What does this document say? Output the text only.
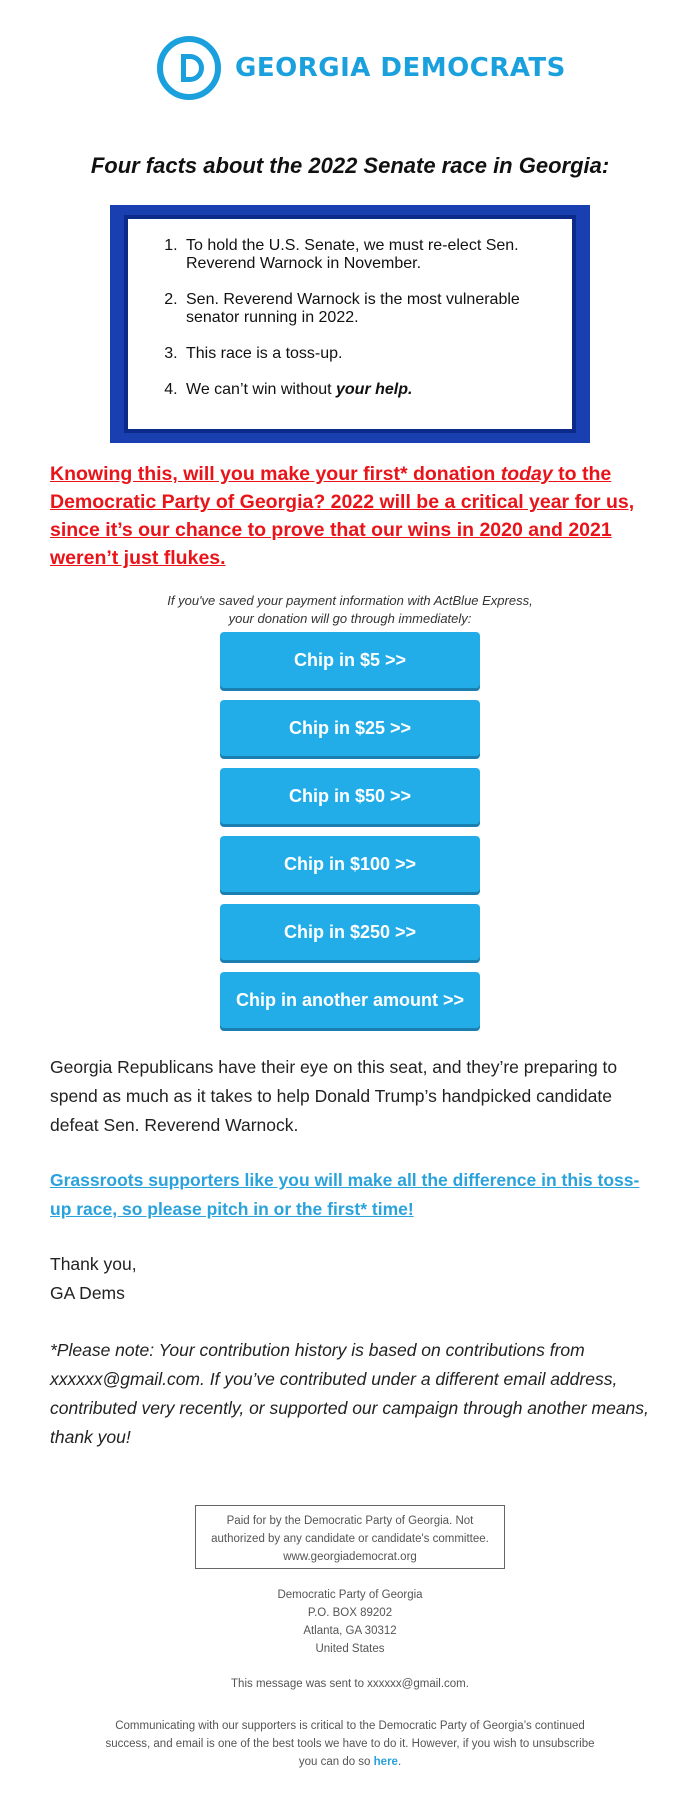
GEORGIA DEMOCRATS
Four facts about the 2022 Senate race in Georgia:
1. To hold the U.S. Senate, we must re-elect Sen. Reverend Warnock in November.
2. Sen. Reverend Warnock is the most vulnerable senator running in 2022.
3. This race is a toss-up.
4. We can’t win without your help.
Knowing this, will you make your first* donation today to the Democratic Party of Georgia? 2022 will be a critical year for us, since it’s our chance to prove that our wins in 2020 and 2021 weren’t just flukes.
If you've saved your payment information with ActBlue Express,
your donation will go through immediately:
Chip in $5 >>
Chip in $25 >>
Chip in $50 >>
Chip in $100 >>
Chip in $250 >>
Chip in another amount >>
Georgia Republicans have their eye on this seat, and they’re preparing to spend as much as it takes to help Donald Trump’s handpicked candidate defeat Sen. Reverend Warnock.
Grassroots supporters like you will make all the difference in this toss-up race, so please pitch in or the first* time!
Thank you,
GA Dems
*Please note: Your contribution history is based on contributions from xxxxxx@gmail.com. If you’ve contributed under a different email address, contributed very recently, or supported our campaign through another means, thank you!
Paid for by the Democratic Party of Georgia. Not authorized by any candidate or candidate's committee. www.georgiademocrat.org
Democratic Party of Georgia
P.O. BOX 89202
Atlanta, GA 30312
United States
This message was sent to xxxxxx@gmail.com.
Communicating with our supporters is critical to the Democratic Party of Georgia’s continued success, and email is one of the best tools we have to do it. However, if you wish to unsubscribe you can do so here.
